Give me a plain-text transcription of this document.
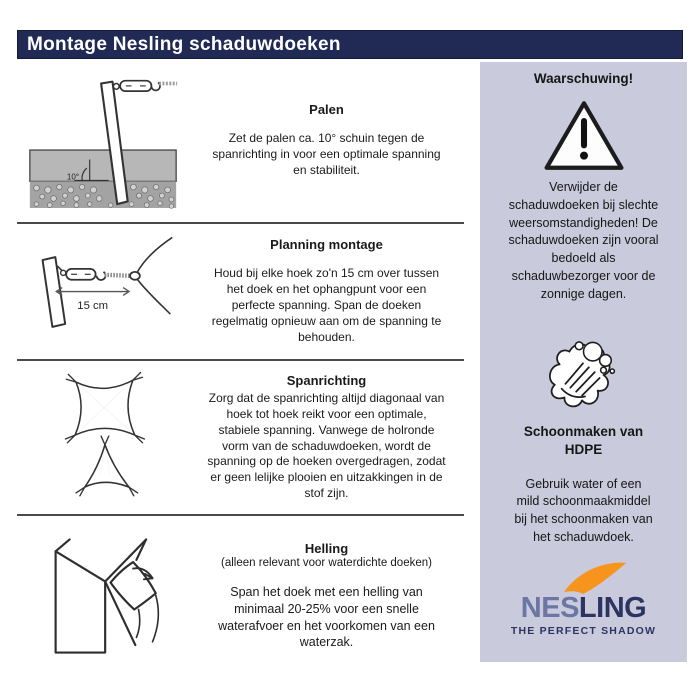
Montage Nesling schaduwdoeken
10°
Palen
Zet de palen ca. 10° schuin tegen de spanrichting in voor een optimale spanning en stabiliteit.
15 cm
Planning montage
Houd bij elke hoek zo'n 15 cm over tussen het doek en het ophangpunt voor een perfecte spanning. Span de doeken regelmatig opnieuw aan om de spanning te behouden.
Spanrichting
Zorg dat de spanrichting altijd diagonaal van hoek tot hoek reikt voor een optimale, stabiele spanning. Vanwege de holronde vorm van de schaduwdoeken, wordt de spanning op de hoeken overgedragen, zodat er geen lelijke plooien en uitzakkingen in de stof zijn.
Helling
(alleen relevant voor waterdichte doeken)
Span het doek met een helling van minimaal 20-25% voor een snelle waterafvoer en het voorkomen van een waterzak.
Waarschuwing!
Verwijder de schaduwdoeken bij slechte weersomstandigheden! De schaduwdoeken zijn vooral bedoeld als schaduwbezorger voor de zonnige dagen.
Schoonmaken van HDPE
Gebruik water of een mild schoonmaakmiddel bij het schoonmaken van het schaduwdoek.
NESLING
THE PERFECT SHADOW
